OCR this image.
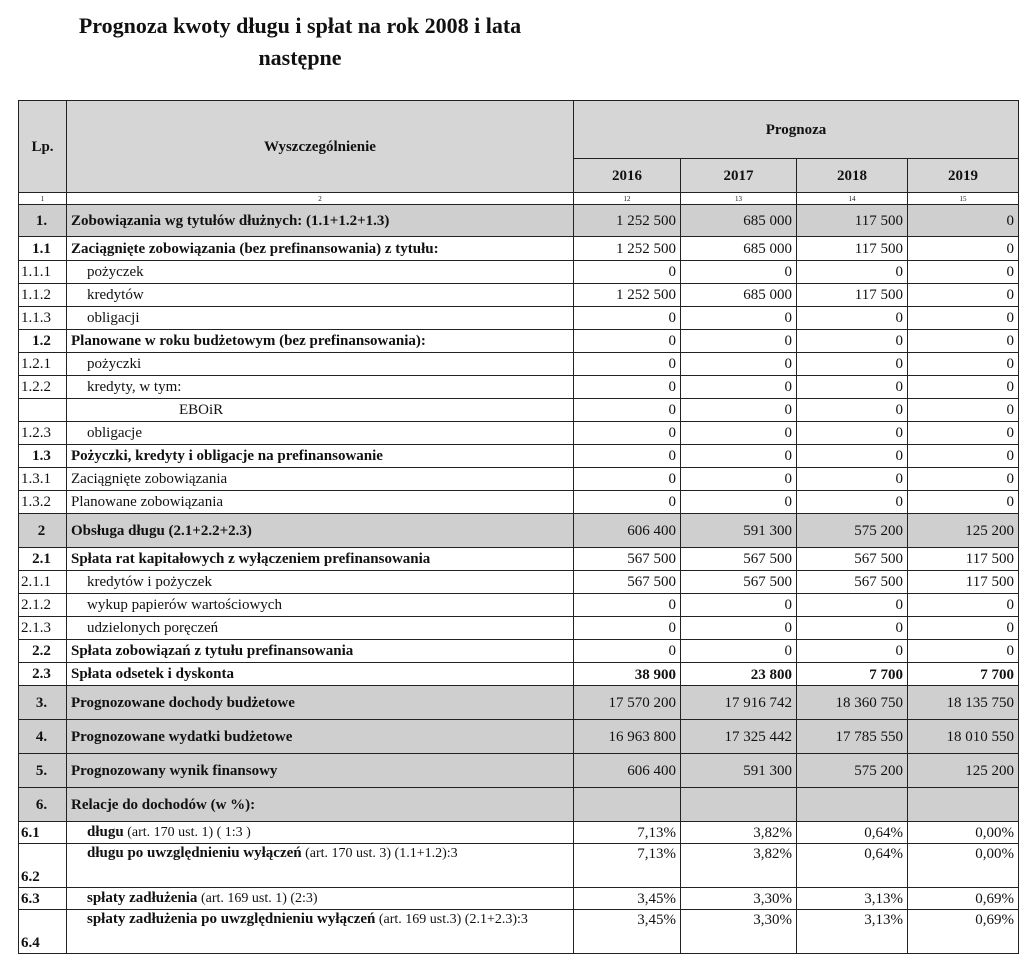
Prognoza kwoty długu i spłat na rok 2008 i lata
następne
Lp.	Wyszczególnienie	Prognoza			
		2016	2017	2018	2019
1	2	12	13	14	15
1.	Zobowiązania wg tytułów dłużnych: (1.1+1.2+1.3)	1 252 500	685 000	117 500	0
1.1	Zaciągnięte zobowiązania (bez prefinansowania) z tytułu:	1 252 500	685 000	117 500	0
1.1.1	pożyczek	0	0	0	0
1.1.2	kredytów	1 252 500	685 000	117 500	0
1.1.3	obligacji	0	0	0	0
1.2	Planowane w roku budżetowym (bez prefinansowania):	0	0	0	0
1.2.1	pożyczki	0	0	0	0
1.2.2	kredyty, w tym:	0	0	0	0
	EBOiR	0	0	0	0
1.2.3	obligacje	0	0	0	0
1.3	Pożyczki, kredyty i obligacje na prefinansowanie	0	0	0	0
1.3.1	Zaciągnięte zobowiązania	0	0	0	0
1.3.2	Planowane zobowiązania	0	0	0	0
2	Obsługa długu (2.1+2.2+2.3)	606 400	591 300	575 200	125 200
2.1	Spłata rat kapitałowych z wyłączeniem prefinansowania	567 500	567 500	567 500	117 500
2.1.1	kredytów i pożyczek	567 500	567 500	567 500	117 500
2.1.2	wykup papierów wartościowych	0	0	0	0
2.1.3	udzielonych poręczeń	0	0	0	0
2.2	Spłata zobowiązań z tytułu prefinansowania	0	0	0	0
2.3	Spłata odsetek i dyskonta	38 900	23 800	7 700	7 700
3.	Prognozowane dochody budżetowe	17 570 200	17 916 742	18 360 750	18 135 750
4.	Prognozowane wydatki budżetowe	16 963 800	17 325 442	17 785 550	18 010 550
5.	Prognozowany wynik finansowy	606 400	591 300	575 200	125 200
6.	Relacje do dochodów (w %):				
6.1	długu (art. 170 ust. 1) ( 1:3 )	7,13%	3,82%	0,64%	0,00%
6.2	długu po uwzględnieniu wyłączeń (art. 170 ust. 3) (1.1+1.2):3	7,13%	3,82%	0,64%	0,00%
6.3	spłaty zadłużenia (art. 169 ust. 1) (2:3)	3,45%	3,30%	3,13%	0,69%
6.4	spłaty zadłużenia po uwzględnieniu wyłączeń (art. 169 ust.3) (2.1+2.3):3	3,45%	3,30%	3,13%	0,69%
